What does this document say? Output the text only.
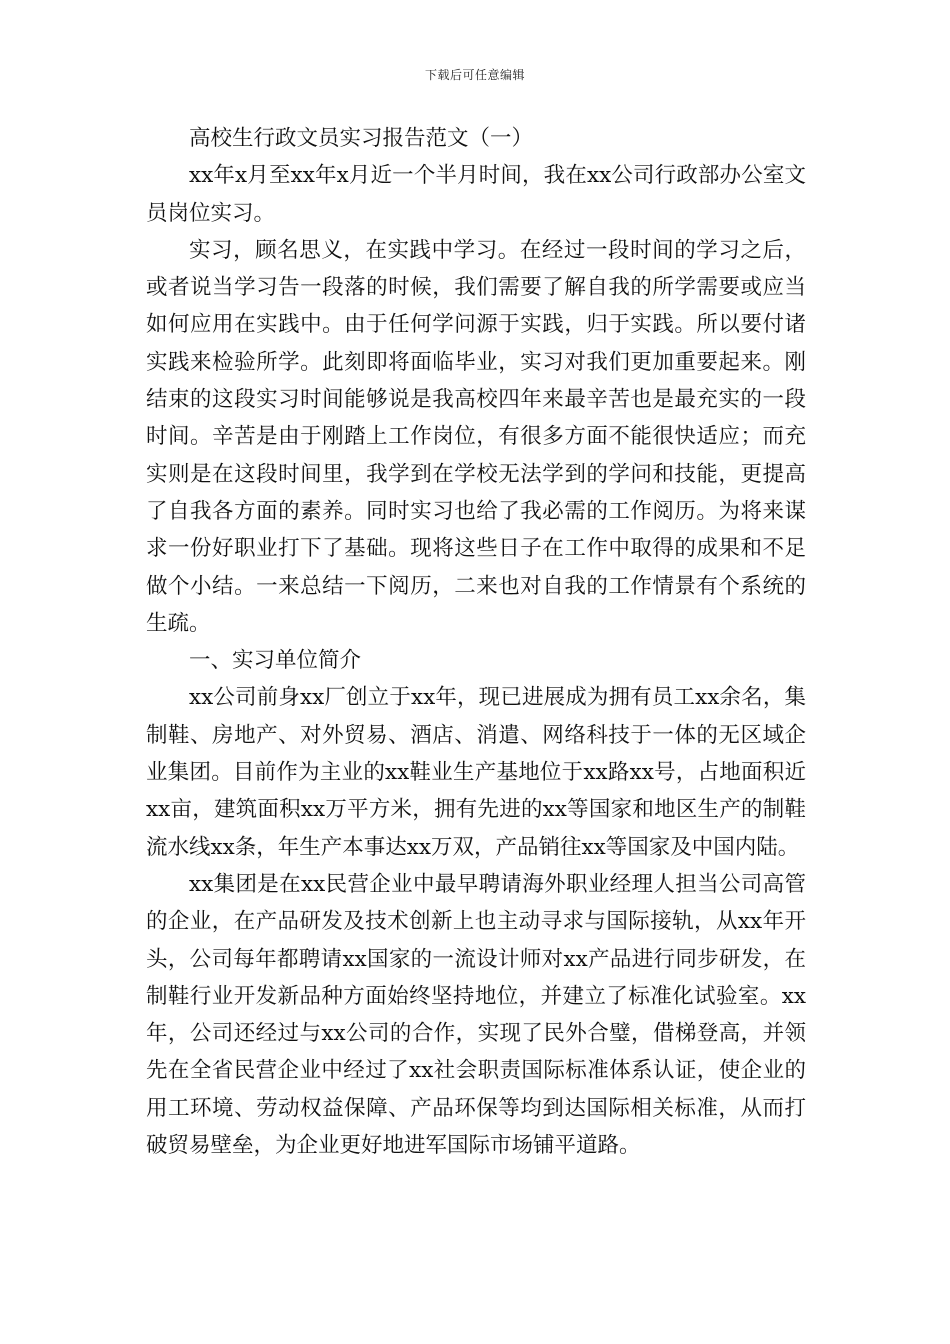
下载后可任意编辑

高校生行政文员实习报告范文（一）

xx年x月至xx年x月近一个半月时间，我在xx公司行政部办公室文员岗位实习。

实习，顾名思义，在实践中学习。在经过一段时间的学习之后，或者说当学习告一段落的时候，我们需要了解自我的所学需要或应当如何应用在实践中。由于任何学问源于实践，归于实践。所以要付诸实践来检验所学。此刻即将面临毕业，实习对我们更加重要起来。刚结束的这段实习时间能够说是我高校四年来最辛苦也是最充实的一段时间。辛苦是由于刚踏上工作岗位，有很多方面不能很快适应；而充实则是在这段时间里，我学到在学校无法学到的学问和技能，更提高了自我各方面的素养。同时实习也给了我必需的工作阅历。为将来谋求一份好职业打下了基础。现将这些日子在工作中取得的成果和不足做个小结。一来总结一下阅历，二来也对自我的工作情景有个系统的生疏。

一、实习单位简介

xx公司前身xx厂创立于xx年，现已进展成为拥有员工xx余名，集制鞋、房地产、对外贸易、酒店、消遣、网络科技于一体的无区域企业集团。目前作为主业的xx鞋业生产基地位于xx路xx号，占地面积近xx亩，建筑面积xx万平方米，拥有先进的xx等国家和地区生产的制鞋流水线xx条，年生产本事达xx万双，产品销往xx等国家及中国内陆。

xx集团是在xx民营企业中最早聘请海外职业经理人担当公司高管的企业，在产品研发及技术创新上也主动寻求与国际接轨，从xx年开头，公司每年都聘请xx国家的一流设计师对xx产品进行同步研发，在制鞋行业开发新品种方面始终坚持地位，并建立了标准化试验室。xx年，公司还经过与xx公司的合作，实现了民外合璧，借梯登高，并领先在全省民营企业中经过了xx社会职责国际标准体系认证，使企业的用工环境、劳动权益保障、产品环保等均到达国际相关标准，从而打破贸易壁垒，为企业更好地进军国际市场铺平道路。
